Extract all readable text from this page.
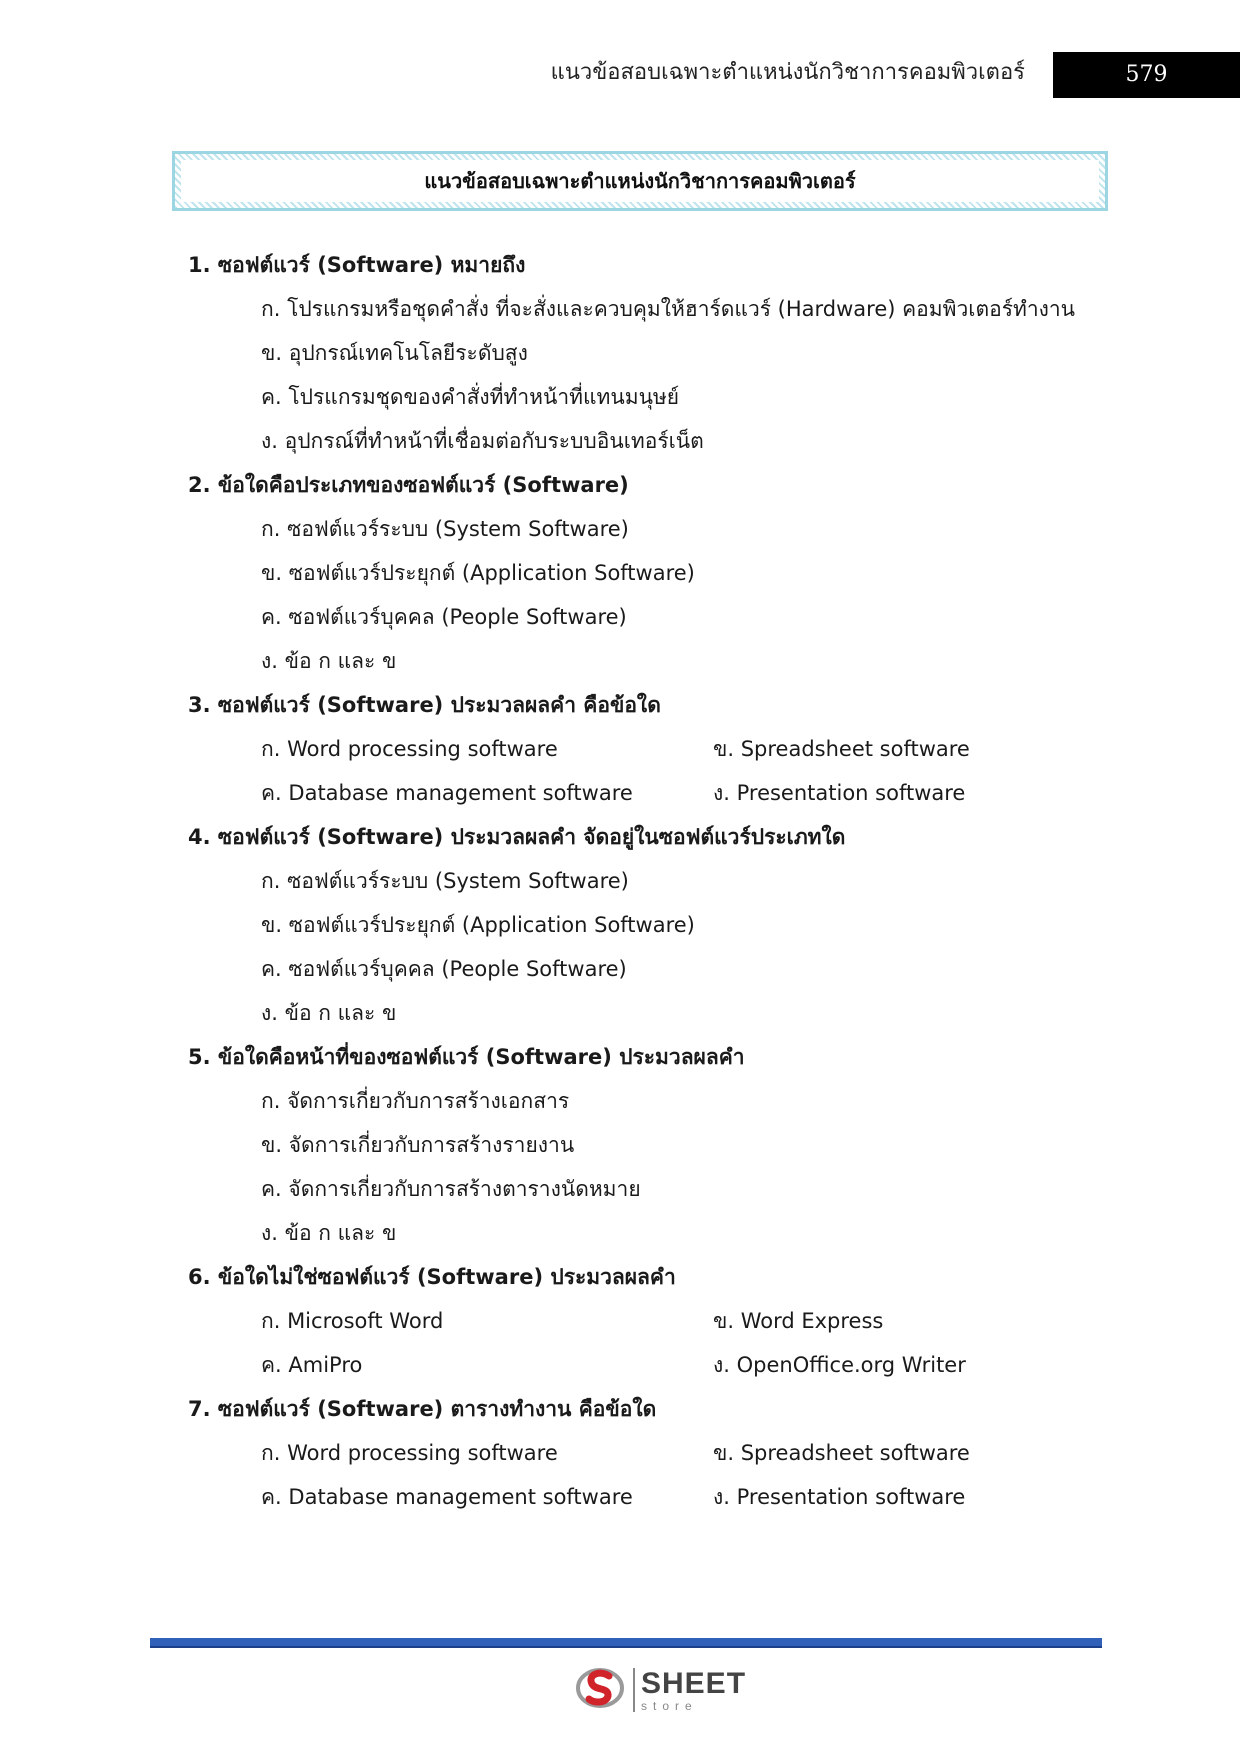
แนวข้อสอบเฉพาะตำแหน่งนักวิชาการคอมพิวเตอร์	579
แนวข้อสอบเฉพาะตำแหน่งนักวิชาการคอมพิวเตอร์
1. ซอฟต์แวร์ (Software) หมายถึง
ก. โปรแกรมหรือชุดคำสั่ง ที่จะสั่งและควบคุมให้ฮาร์ดแวร์ (Hardware) คอมพิวเตอร์ทำงาน
ข. อุปกรณ์เทคโนโลยีระดับสูง
ค. โปรแกรมชุดของคำสั่งที่ทำหน้าที่แทนมนุษย์
ง. อุปกรณ์ที่ทำหน้าที่เชื่อมต่อกับระบบอินเทอร์เน็ต
2. ข้อใดคือประเภทของซอฟต์แวร์ (Software)
ก. ซอฟต์แวร์ระบบ (System Software)
ข. ซอฟต์แวร์ประยุกต์ (Application Software)
ค. ซอฟต์แวร์บุคคล (People Software)
ง. ข้อ ก และ ข
3. ซอฟต์แวร์ (Software) ประมวลผลคำ คือข้อใด
ก. Word processing software	ข. Spreadsheet software
ค. Database management software	ง. Presentation software
4. ซอฟต์แวร์ (Software) ประมวลผลคำ จัดอยู่ในซอฟต์แวร์ประเภทใด
ก. ซอฟต์แวร์ระบบ (System Software)
ข. ซอฟต์แวร์ประยุกต์ (Application Software)
ค. ซอฟต์แวร์บุคคล (People Software)
ง. ข้อ ก และ ข
5. ข้อใดคือหน้าที่ของซอฟต์แวร์ (Software) ประมวลผลคำ
ก. จัดการเกี่ยวกับการสร้างเอกสาร
ข. จัดการเกี่ยวกับการสร้างรายงาน
ค. จัดการเกี่ยวกับการสร้างตารางนัดหมาย
ง. ข้อ ก และ ข
6. ข้อใดไม่ใช่ซอฟต์แวร์ (Software) ประมวลผลคำ
ก. Microsoft Word	ข. Word Express
ค. AmiPro	ง. OpenOffice.org Writer
7. ซอฟต์แวร์ (Software) ตารางทำงาน คือข้อใด
ก. Word processing software	ข. Spreadsheet software
ค. Database management software	ง. Presentation software
SHEET
store
